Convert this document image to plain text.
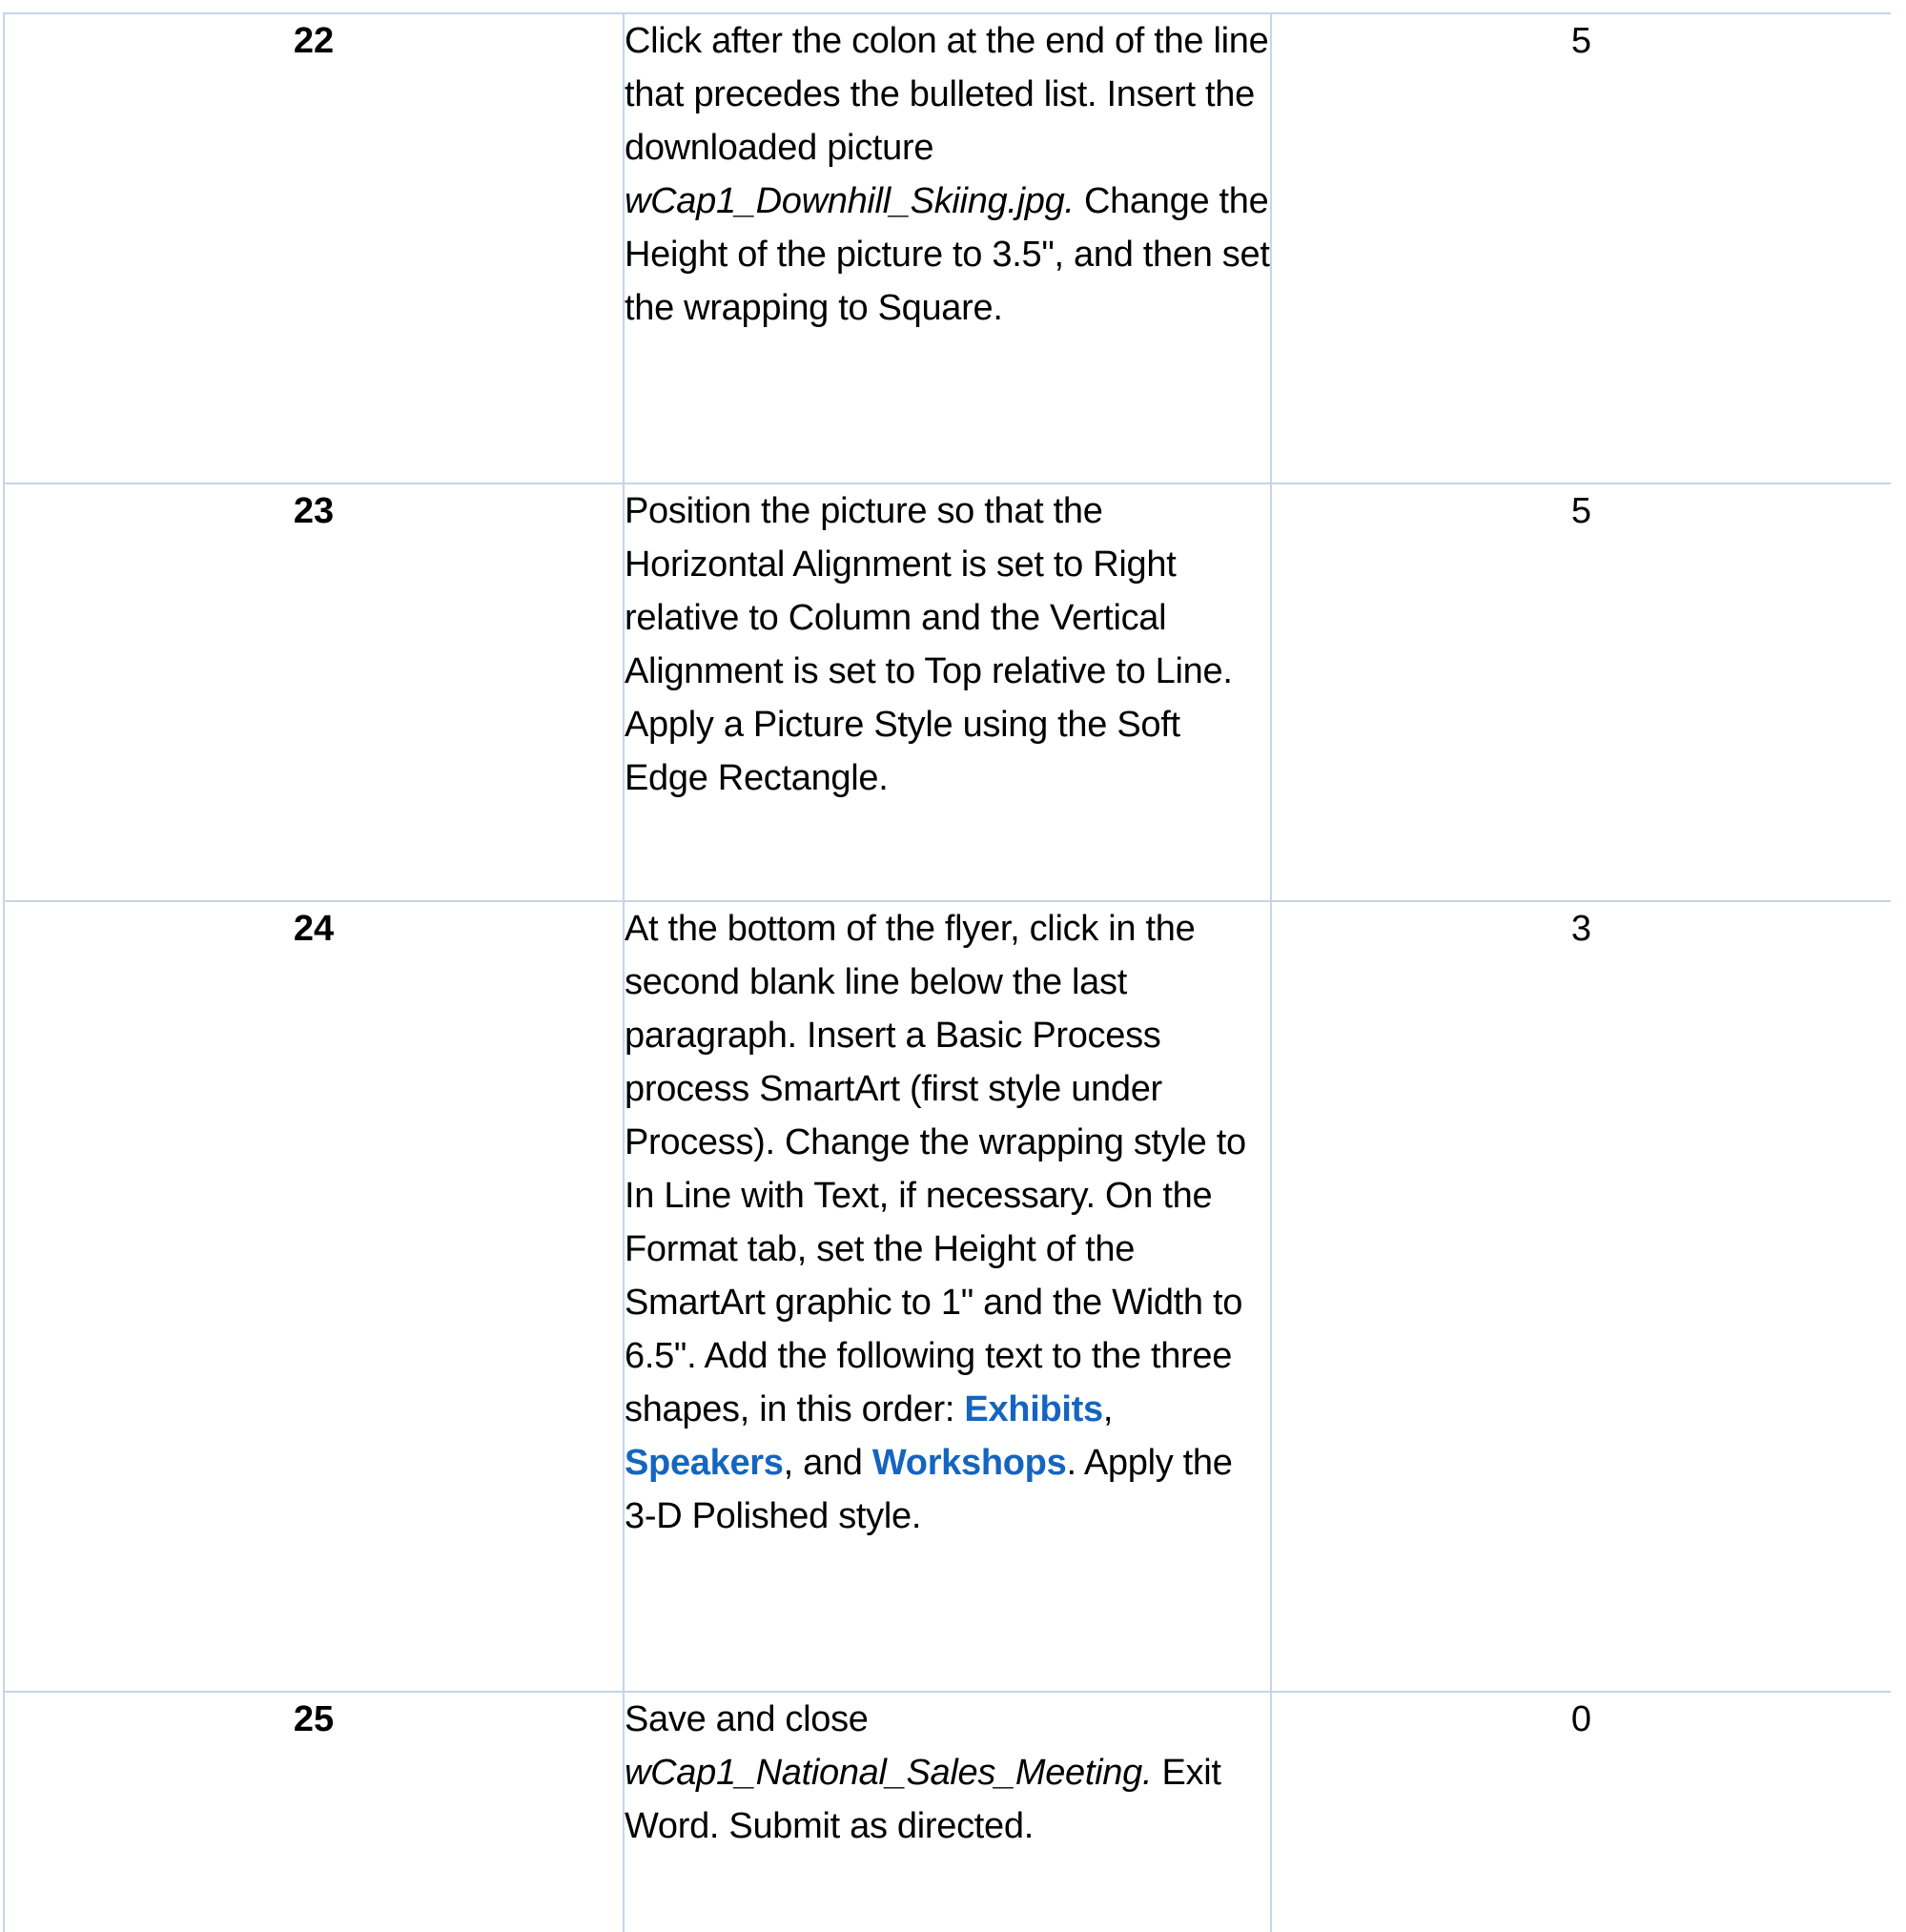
22	Click after the colon at the end of the line that precedes the bulleted list. Insert the downloaded picture wCap1_Downhill_Skiing.jpg. Change the Height of the picture to 3.5", and then set the wrapping to Square.	5
23	Position the picture so that the Horizontal Alignment is set to Right relative to Column and the Vertical Alignment is set to Top relative to Line. Apply a Picture Style using the Soft Edge Rectangle.	5
24	At the bottom of the flyer, click in the second blank line below the last paragraph. Insert a Basic Process process SmartArt (first style under Process). Change the wrapping style to In Line with Text, if necessary. On the Format tab, set the Height of the SmartArt graphic to 1" and the Width to 6.5". Add the following text to the three shapes, in this order: Exhibits, Speakers, and Workshops. Apply the 3-D Polished style.	3
25	Save and close wCap1_National_Sales_Meeting. Exit Word. Submit as directed.	0
